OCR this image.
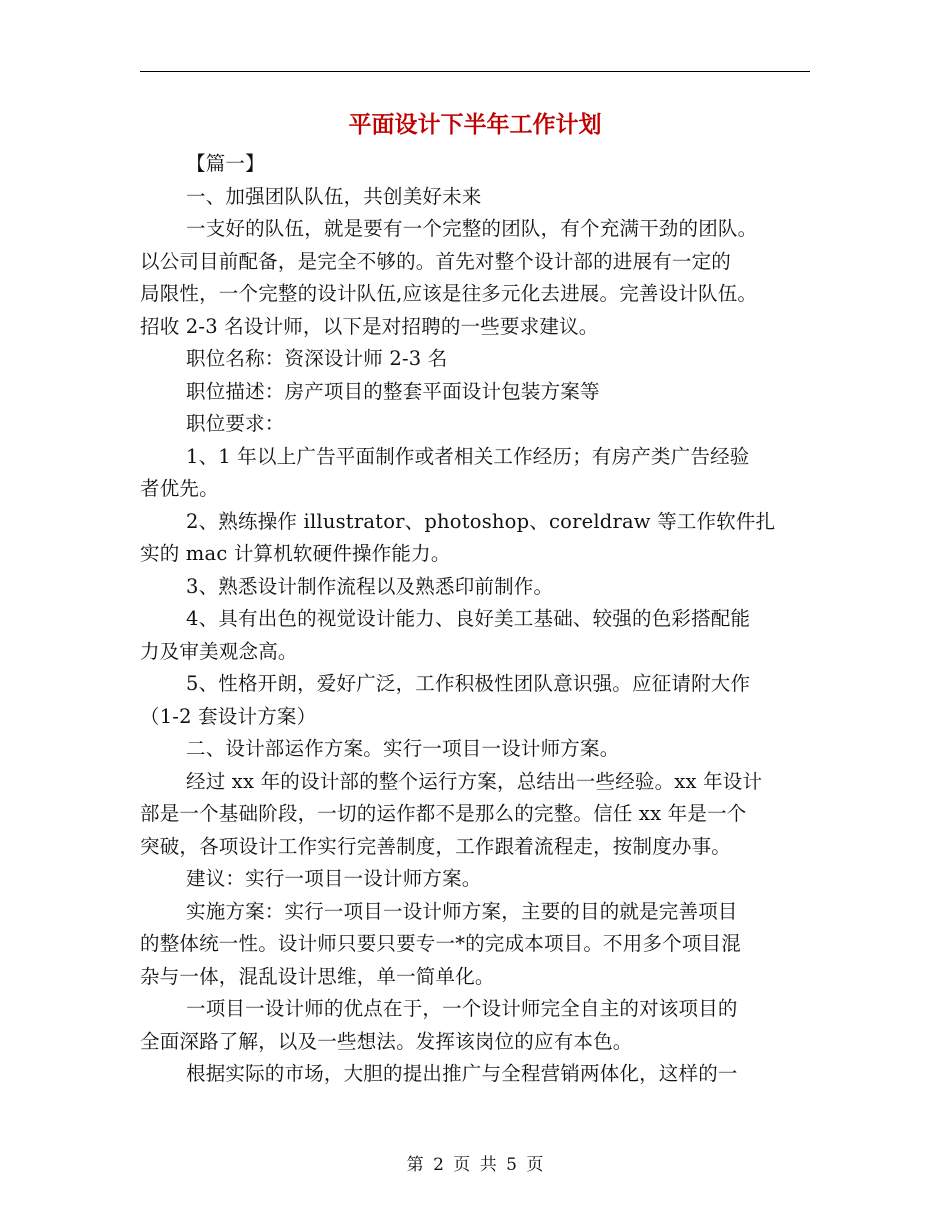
平面设计下半年工作计划
【篇一】
一、加强团队队伍，共创美好未来
一支好的队伍，就是要有一个完整的团队，有个充满干劲的团队。
以公司目前配备，是完全不够的。首先对整个设计部的进展有一定的
局限性，一个完整的设计队伍,应该是往多元化去进展。完善设计队伍。
招收 2-3 名设计师，以下是对招聘的一些要求建议。
职位名称：资深设计师 2-3 名
职位描述：房产项目的整套平面设计包装方案等
职位要求：
1、1 年以上广告平面制作或者相关工作经历；有房产类广告经验
者优先。
2、熟练操作 illustrator、photoshop、coreldraw 等工作软件扎
实的 mac 计算机软硬件操作能力。
3、熟悉设计制作流程以及熟悉印前制作。
4、具有出色的视觉设计能力、良好美工基础、较强的色彩搭配能
力及审美观念高。
5、性格开朗，爱好广泛，工作积极性团队意识强。应征请附大作
（1-2 套设计方案）
二、设计部运作方案。实行一项目一设计师方案。
经过 xx 年的设计部的整个运行方案，总结出一些经验。xx 年设计
部是一个基础阶段，一切的运作都不是那么的完整。信任 xx 年是一个
突破，各项设计工作实行完善制度，工作跟着流程走，按制度办事。
建议：实行一项目一设计师方案。
实施方案：实行一项目一设计师方案，主要的目的就是完善项目
的整体统一性。设计师只要只要专一*的完成本项目。不用多个项目混
杂与一体，混乱设计思维，单一简单化。
一项目一设计师的优点在于，一个设计师完全自主的对该项目的
全面深路了解，以及一些想法。发挥该岗位的应有本色。
根据实际的市场，大胆的提出推广与全程营销两体化，这样的一
第 2 页 共 5 页
